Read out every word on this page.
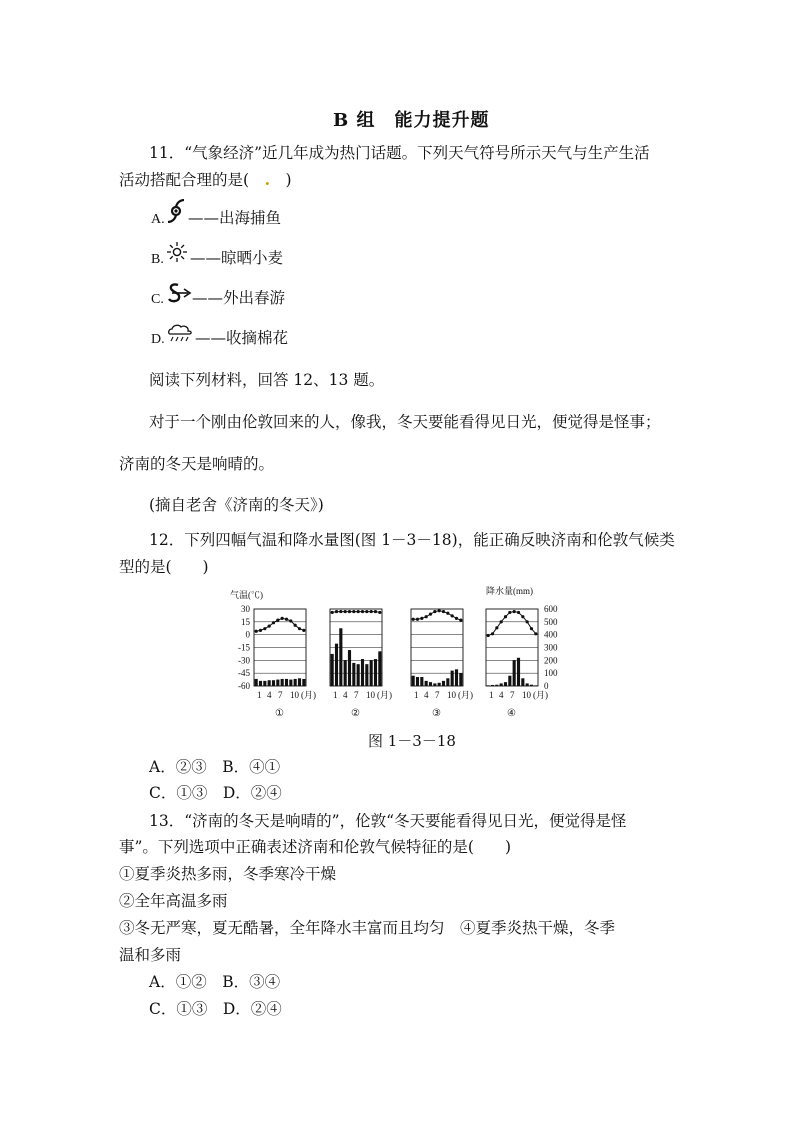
B 组　能力提升题
11．“气象经济”近几年成为热门话题。下列天气符号所示天气与生产生活
活动搭配合理的是(　.　)
A. ——出海捕鱼
B. ——晾晒小麦
C. ——外出春游
D. ——收摘棉花
阅读下列材料，回答 12、13 题。
对于一个刚由伦敦回来的人，像我，冬天要能看得见日光，便觉得是怪事；
济南的冬天是响晴的。
(摘自老舍《济南的冬天》)
12．下列四幅气温和降水量图(图 1－3－18)，能正确反映济南和伦敦气候类
型的是(　　)
1 4 7 10 (月)
①
1 4 7 10 (月)
②
1 4 7 10 (月)
③
1 4 7 10 (月)
④
气温(℃)
30
15
0
-15
-30
-45
-60
降水量(mm)
600
500
400
300
200
100
0
图 1－3－18
A．②③　B．④①
C．①③　D．②④
13．“济南的冬天是响晴的”，伦敦“冬天要能看得见日光，便觉得是怪
事”。下列选项中正确表述济南和伦敦气候特征的是(　　)
①夏季炎热多雨，冬季寒冷干燥
②全年高温多雨
③冬无严寒，夏无酷暑，全年降水丰富而且均匀　④夏季炎热干燥，冬季
温和多雨
A．①②　B．③④
C．①③　D．②④
